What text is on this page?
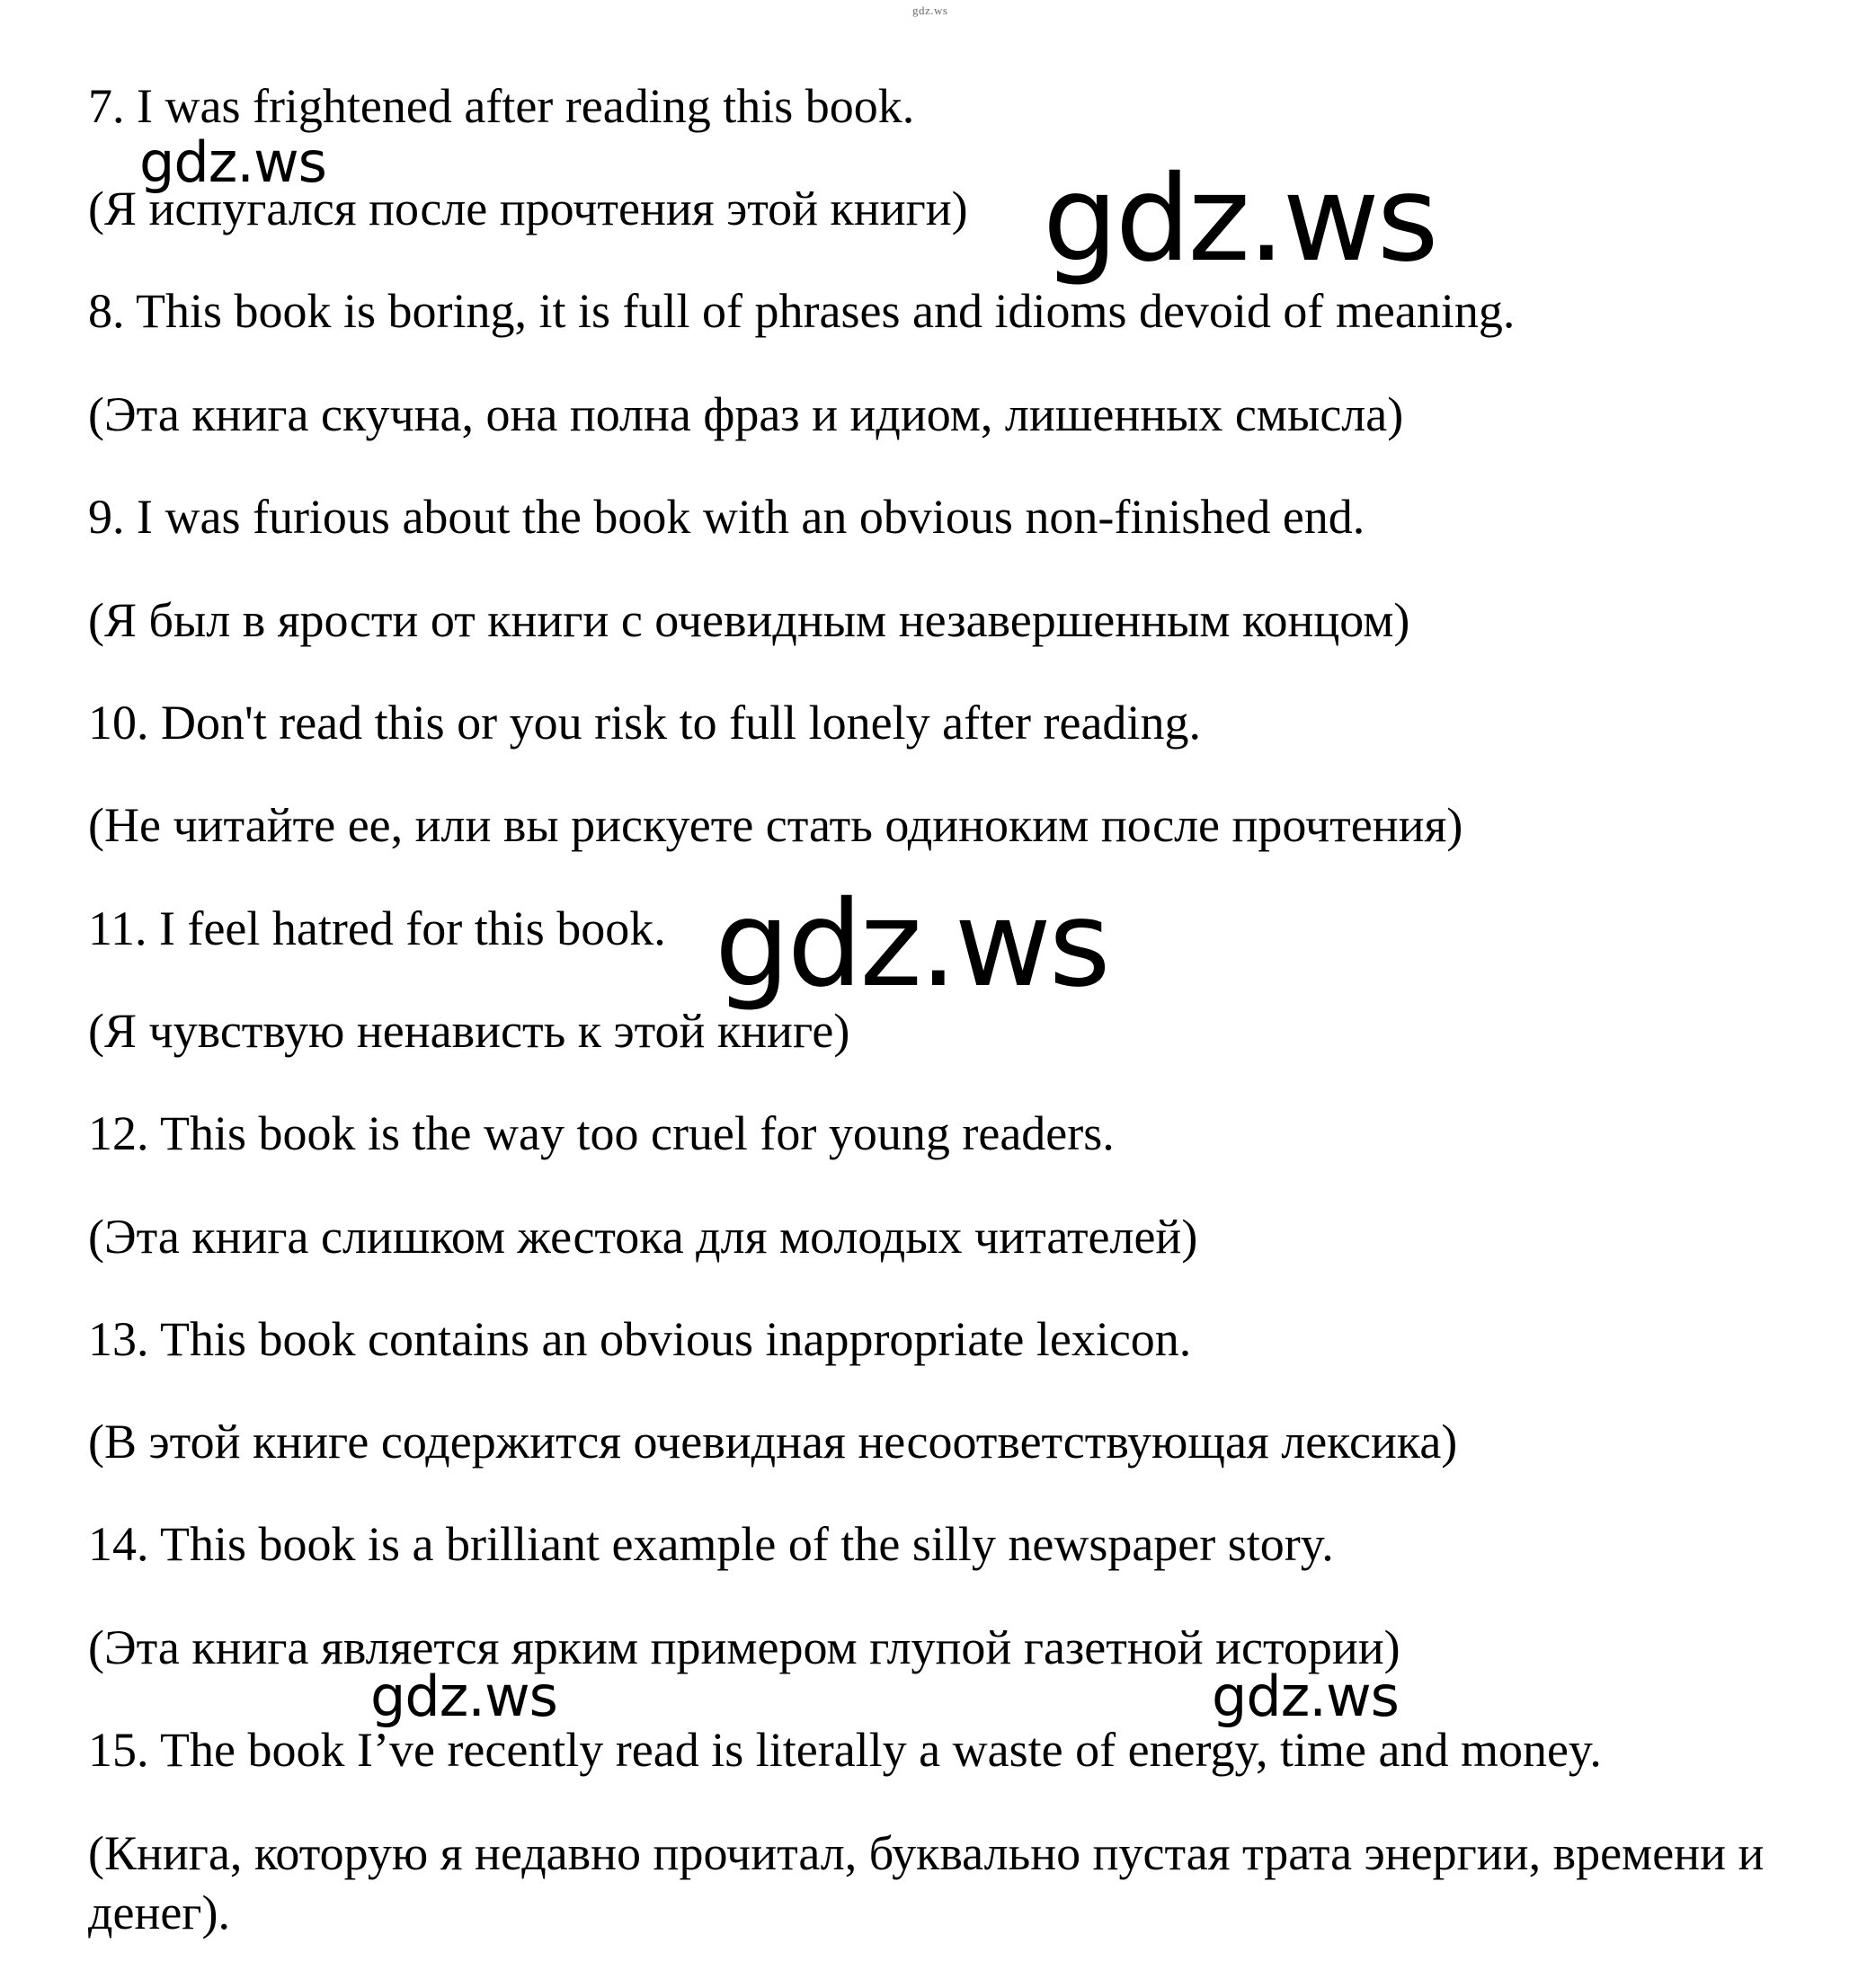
gdz.ws
7. I was frightened after reading this book.
(Я испугался после прочтения этой книги)
8. This book is boring, it is full of phrases and idioms devoid of meaning.
(Эта книга скучна, она полна фраз и идиом, лишенных смысла)
9. I was furious about the book with an obvious non-finished end.
(Я был в ярости от книги с очевидным незавершенным концом)
10. Don't read this or you risk to full lonely after reading.
(Не читайте ее, или вы рискуете стать одиноким после прочтения)
11. I feel hatred for this book.
(Я чувствую ненависть к этой книге)
12. This book is the way too cruel for young readers.
(Эта книга слишком жестока для молодых читателей)
13. This book contains an obvious inappropriate lexicon.
(В этой книге содержится очевидная несоответствующая лексика)
14. This book is a brilliant example of the silly newspaper story.
(Эта книга является ярким примером глупой газетной истории)
15. The book I’ve recently read is literally a waste of energy, time and money.
(Книга, которую я недавно прочитал, буквально пустая трата энергии, времени и денег).
gdz.ws	gdz.ws
gdz.ws
gdz.ws	gdz.ws
